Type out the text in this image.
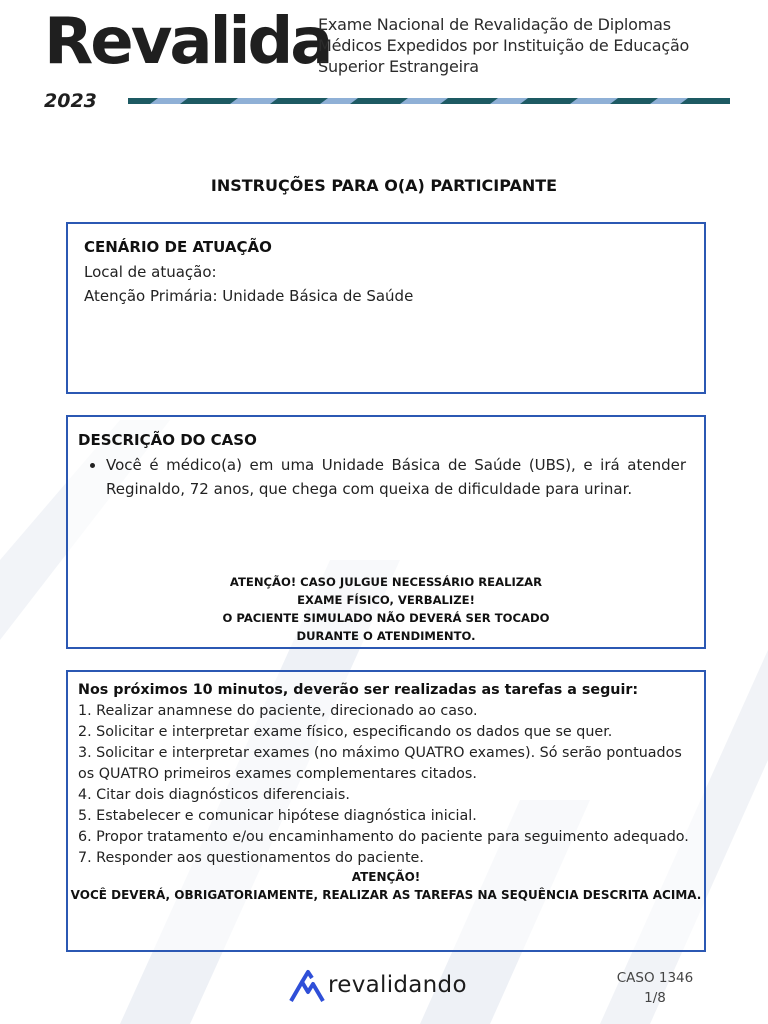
Revalida
2023
Exame Nacional de Revalidação de Diplomas
Médicos Expedidos por Instituição de Educação
Superior Estrangeira
INSTRUÇÕES PARA O(A) PARTICIPANTE
CENÁRIO DE ATUAÇÃO
Local de atuação:
Atenção Primária: Unidade Básica de Saúde
DESCRIÇÃO DO CASO
• Você é médico(a) em uma Unidade Básica de Saúde (UBS), e irá atender Reginaldo, 72 anos, que chega com queixa de dificuldade para urinar.
ATENÇÃO! CASO JULGUE NECESSÁRIO REALIZAR
EXAME FÍSICO, VERBALIZE!
O PACIENTE SIMULADO NÃO DEVERÁ SER TOCADO
DURANTE O ATENDIMENTO.
Nos próximos 10 minutos, deverão ser realizadas as tarefas a seguir:
1. Realizar anamnese do paciente, direcionado ao caso.
2. Solicitar e interpretar exame físico, especificando os dados que se quer.
3. Solicitar e interpretar exames (no máximo QUATRO exames). Só serão pontuados
os QUATRO primeiros exames complementares citados.
4. Citar dois diagnósticos diferenciais.
5. Estabelecer e comunicar hipótese diagnóstica inicial.
6. Propor tratamento e/ou encaminhamento do paciente para seguimento adequado.
7. Responder aos questionamentos do paciente.
ATENÇÃO!
VOCÊ DEVERÁ, OBRIGATORIAMENTE, REALIZAR AS TAREFAS NA SEQUÊNCIA DESCRITA ACIMA.
revalidando	CASO 1346
1/8
